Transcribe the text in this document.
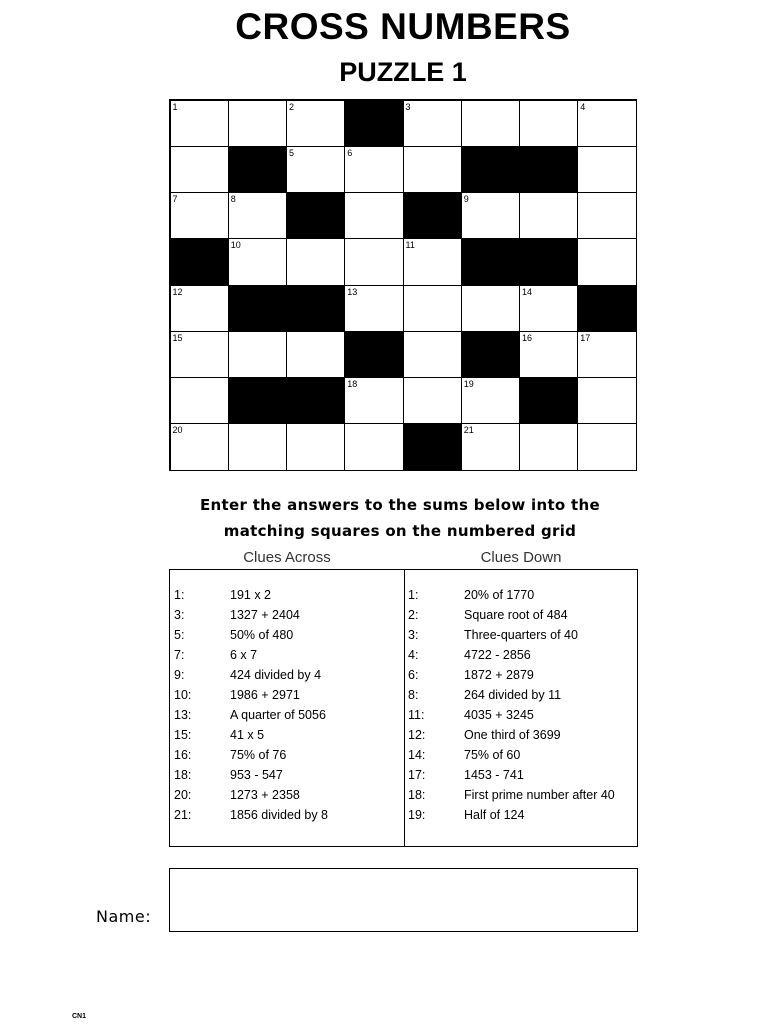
CROSS NUMBERS
PUZZLE 1
1	2	3	4
5	6
7	8	9
10	11
12	13	14
15	16	17
18	19
20	21
Enter the answers to the sums below into the
matching squares on the numbered grid
Clues Across	Clues Down
1:	191 x 2
3:	1327 + 2404
5:	50% of 480
7:	6 x 7
9:	424 divided by 4
10:	1986 + 2971
13:	A quarter of 5056
15:	41 x 5
16:	75% of 76
18:	953 - 547
20:	1273 + 2358
21:	1856 divided by 8
1:	20% of 1770
2:	Square root of 484
3:	Three-quarters of 40
4:	4722 - 2856
6:	1872 + 2879
8:	264 divided by 11
11:	4035 + 3245
12:	One third of 3699
14:	75% of 60
17:	1453 - 741
18:	First prime number after 40
19:	Half of 124
Name:
CN1
